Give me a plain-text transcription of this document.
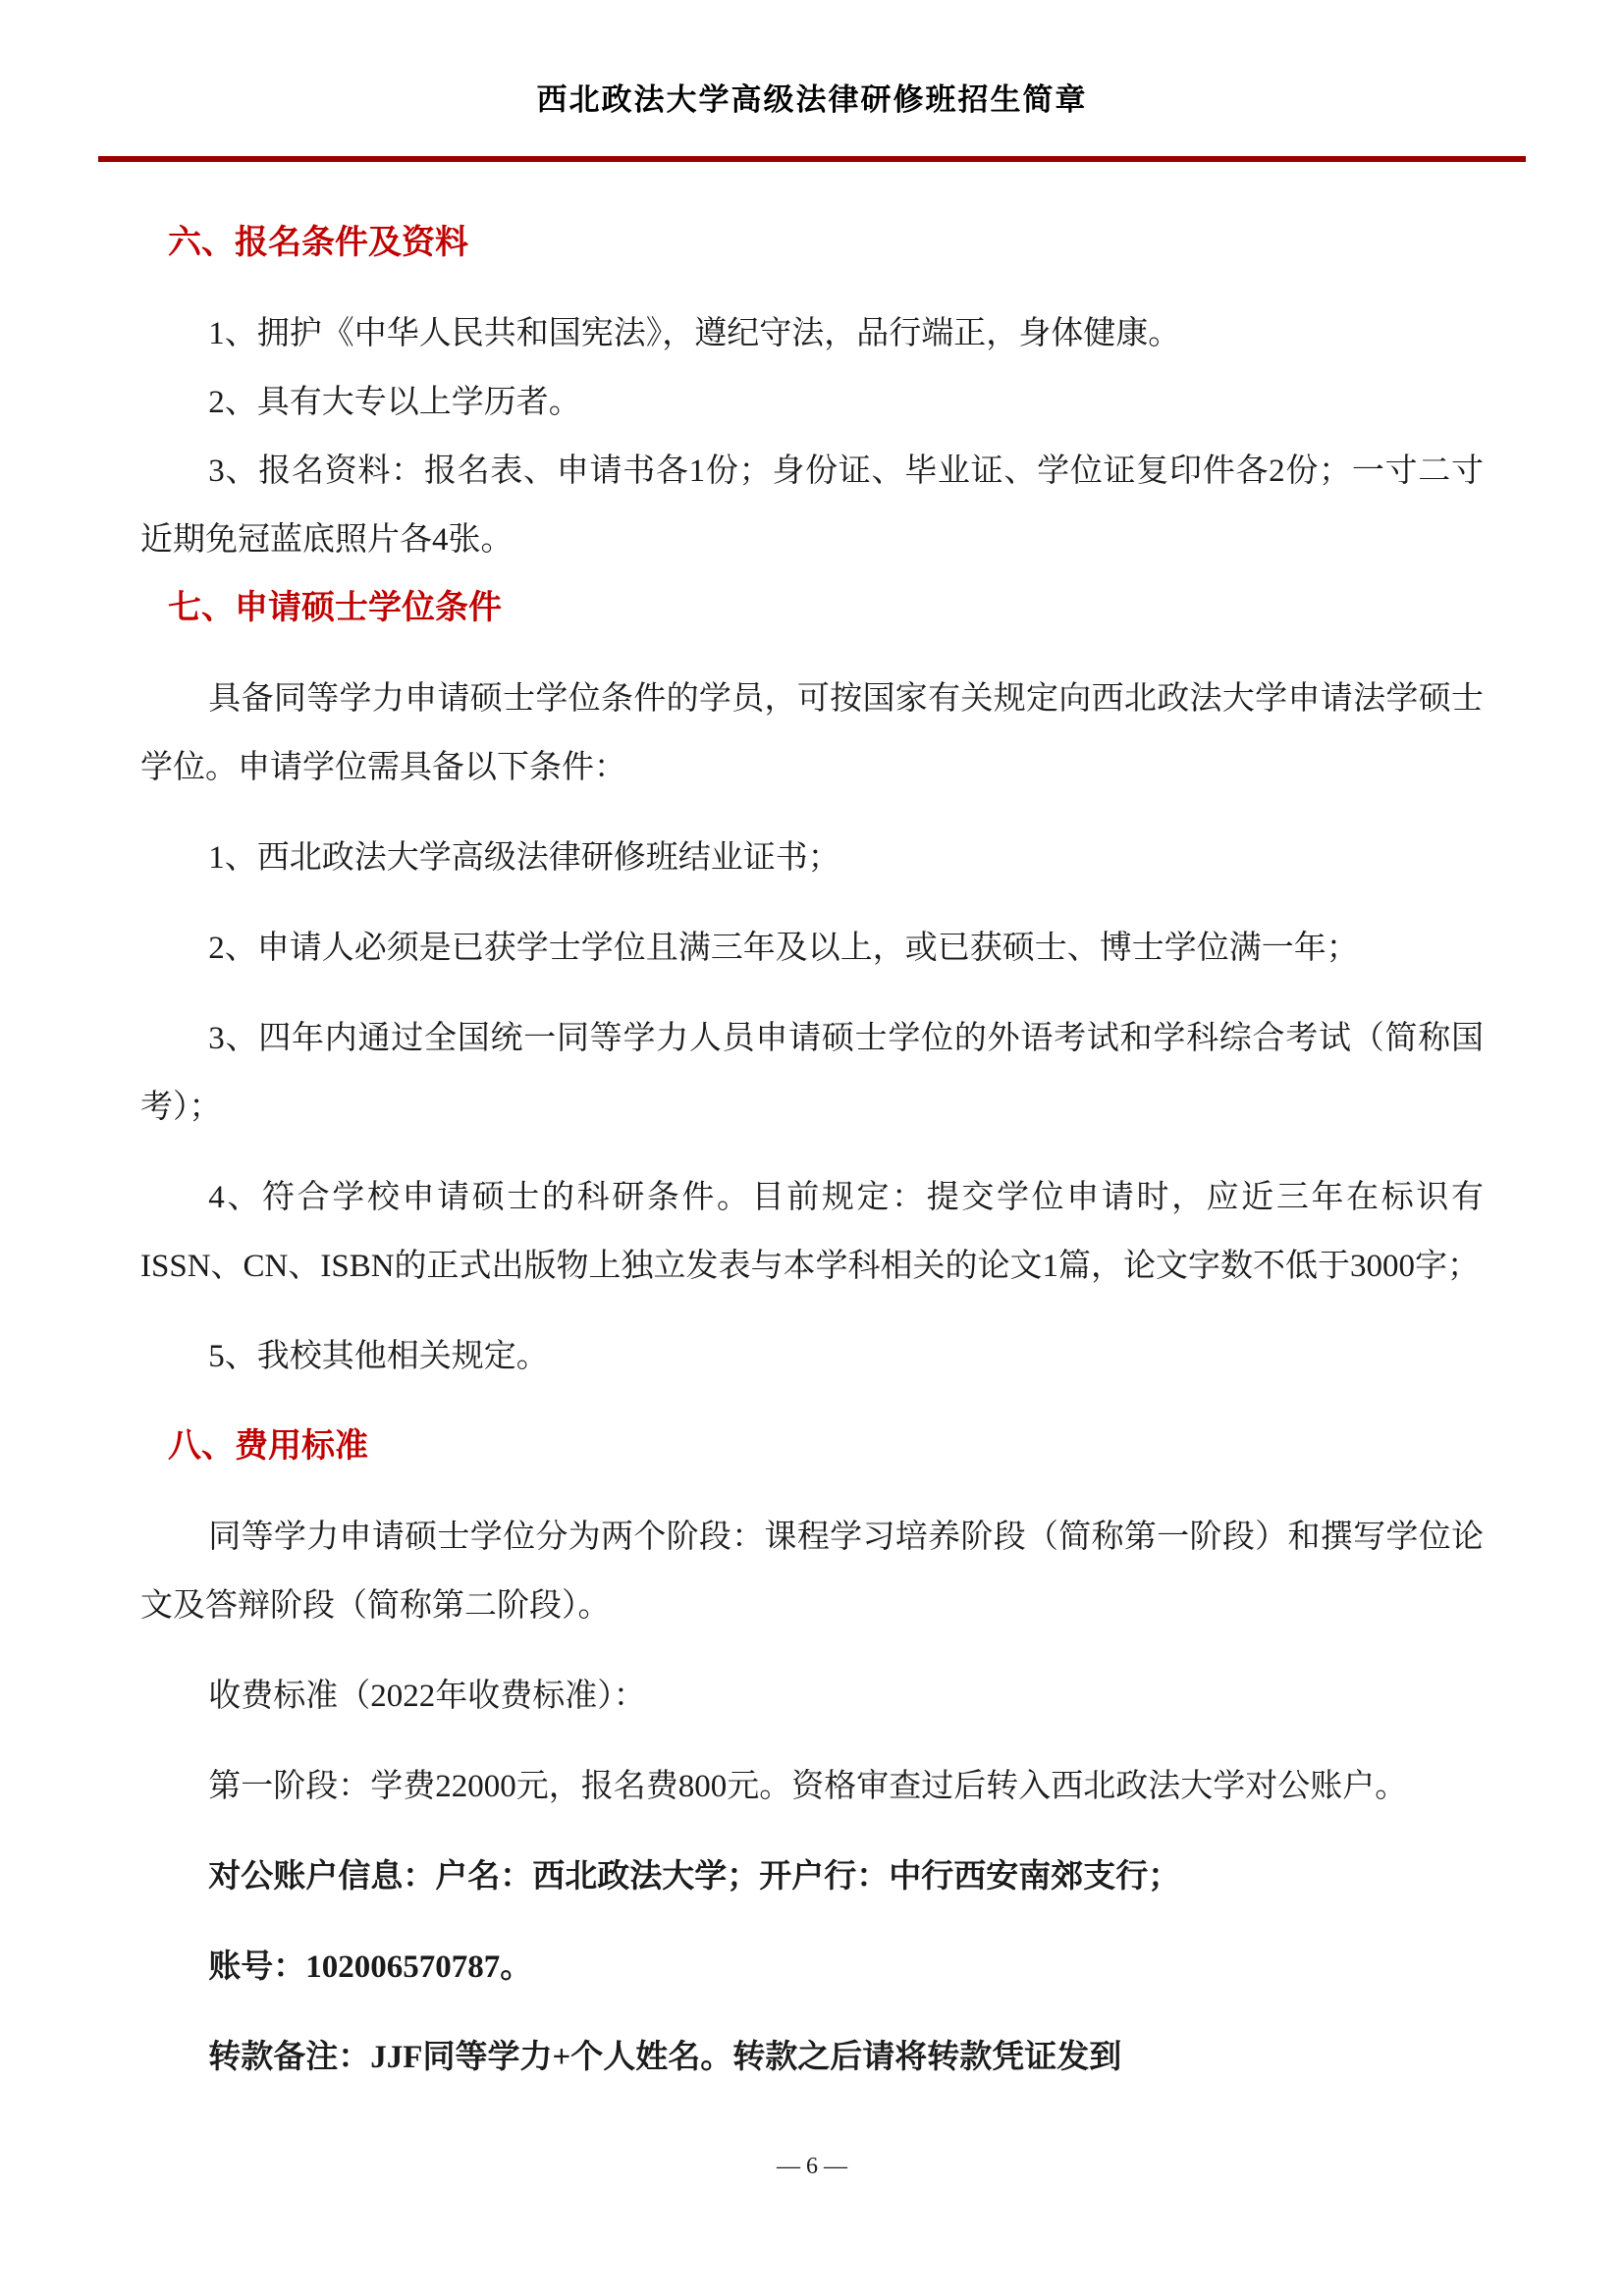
西北政法大学高级法律研修班招生简章
六、报名条件及资料

1、拥护《中华人民共和国宪法》，遵纪守法，品行端正，身体健康。

2、具有大专以上学历者。

3、报名资料：报名表、申请书各1份；身份证、毕业证、学位证复印件各2份；一寸二寸近期免冠蓝底照片各4张。

七、申请硕士学位条件

具备同等学力申请硕士学位条件的学员，可按国家有关规定向西北政法大学申请法学硕士学位。申请学位需具备以下条件：

1、西北政法大学高级法律研修班结业证书；

2、申请人必须是已获学士学位且满三年及以上，或已获硕士、博士学位满一年；

3、四年内通过全国统一同等学力人员申请硕士学位的外语考试和学科综合考试（简称国考）；

4、符合学校申请硕士的科研条件。目前规定：提交学位申请时，应近三年在标识有ISSN、CN、ISBN的正式出版物上独立发表与本学科相关的论文1篇，论文字数不低于3000字；

5、我校其他相关规定。

八、费用标准

同等学力申请硕士学位分为两个阶段：课程学习培养阶段（简称第一阶段）和撰写学位论文及答辩阶段（简称第二阶段）。

收费标准（2022年收费标准）：

第一阶段：学费22000元，报名费800元。资格审查过后转入西北政法大学对公账户。

对公账户信息：户名：西北政法大学；开户行：中行西安南郊支行；

账号：102006570787。

转款备注：JJF同等学力+个人姓名。转款之后请将转款凭证发到

— 6 —
